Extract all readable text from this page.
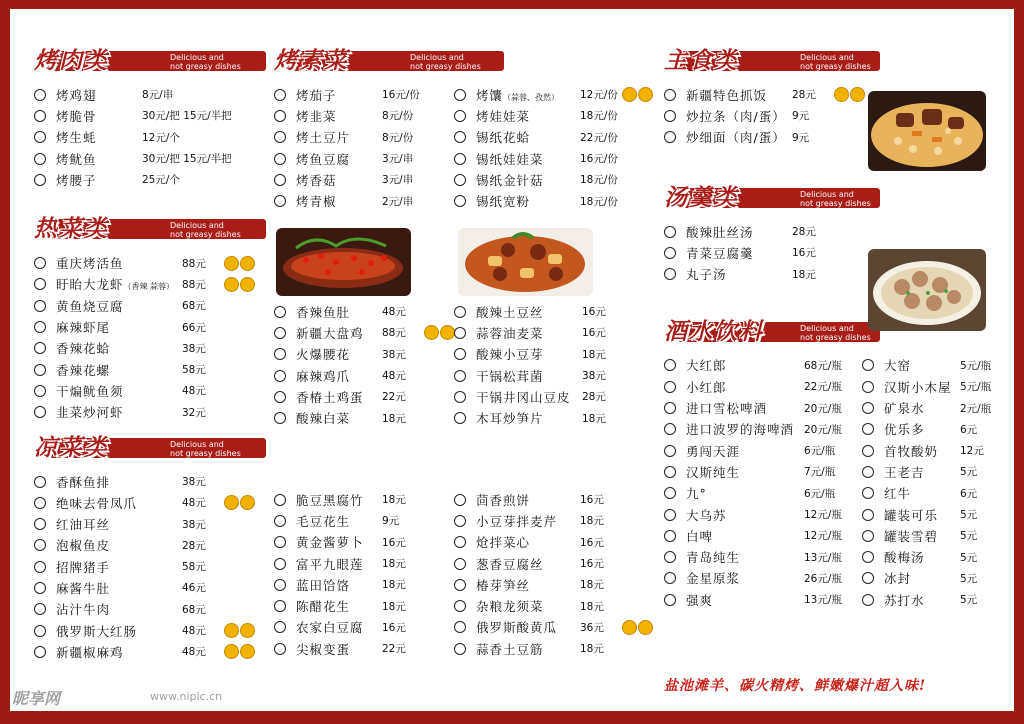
烤肉类	Delicious and
not greasy dishes
烤鸡翅	8元/串
烤脆骨	30元/把 15元/半把
烤生蚝	12元/个
烤鱿鱼	30元/把 15元/半把
烤腰子	25元/个
热菜类	Delicious and
not greasy dishes
重庆烤活鱼	88元
盱眙大龙虾（香辣 蒜蓉） 88元
黄鱼烧豆腐	68元
麻辣虾尾	66元
香辣花蛤	38元
香辣花螺	58元
干煸鱿鱼须	48元
韭菜炒河虾	32元
凉菜类	Delicious and
not greasy dishes
香酥鱼排	38元
绝味去骨凤爪	48元
红油耳丝	38元
泡椒鱼皮	28元
招牌猪手	58元
麻酱牛肚	46元
沾汁牛肉	68元
俄罗斯大红肠	48元
新疆椒麻鸡	48元
烤素菜	Delicious and
not greasy dishes
烤茄子	16元/份
烤韭菜	8元/份
烤土豆片	8元/份
烤鱼豆腐	3元/串
烤香菇	3元/串
烤青椒	2元/串
烤馕（蒜蓉、孜然） 12元/份
烤娃娃菜	18元/份
锡纸花蛤	22元/份
锡纸娃娃菜	16元/份
锡纸金针菇	18元/份
锡纸宽粉	18元/份
香辣鱼肚	48元
新疆大盘鸡 88元
火爆腰花	38元
麻辣鸡爪	48元
香椿土鸡蛋 22元
酸辣白菜	18元
酸辣土豆丝	16元
蒜蓉油麦菜	16元
酸辣小豆芽	18元
干锅松茸菌	38元
干锅井冈山豆皮 28元
木耳炒笋片	18元
脆豆黑腐竹 18元
毛豆花生	9元
黄金酱萝卜 16元
富平九眼莲 18元
蓝田饸饹	18元
陈醋花生	18元
农家白豆腐 16元
尖椒变蛋	22元
茴香煎饼	16元
小豆芽拌麦芹 18元
炝拌菜心	16元
葱香豆腐丝	16元
椿芽笋丝	18元
杂粮龙须菜	18元
俄罗斯酸黄瓜 36元
蒜香土豆筋	18元
主食类	Delicious and
not greasy dishes
新疆特色抓饭 28元
炒拉条（肉/蛋） 9元
炒细面（肉/蛋） 9元
汤羹类	Delicious and
not greasy dishes
酸辣肚丝汤	28元
青菜豆腐羹	16元
丸子汤	18元
酒水饮料	Delicious and
not greasy dishes
大红郎	68元/瓶
小红郎	22元/瓶
进口雪松啤酒	20元/瓶
进口波罗的海啤酒 20元/瓶
勇闯天涯	6元/瓶
汉斯纯生	7元/瓶
九°	6元/瓶
大乌苏	12元/瓶
白啤	12元/瓶
青岛纯生	13元/瓶
金星原浆	26元/瓶
强爽	13元/瓶
大窑	5元/瓶
汉斯小木屋 5元/瓶
矿泉水	2元/瓶
优乐多	6元
首牧酸奶 12元
王老吉	5元
红牛	6元
罐装可乐 5元
罐装雪碧 5元
酸梅汤	5元
冰封	5元
苏打水	5元
盐池滩羊、碳火精烤、鲜嫩爆汁超入味!
昵享网	www.nipic.cn	ID:34419298 NO:20250507140151767107
